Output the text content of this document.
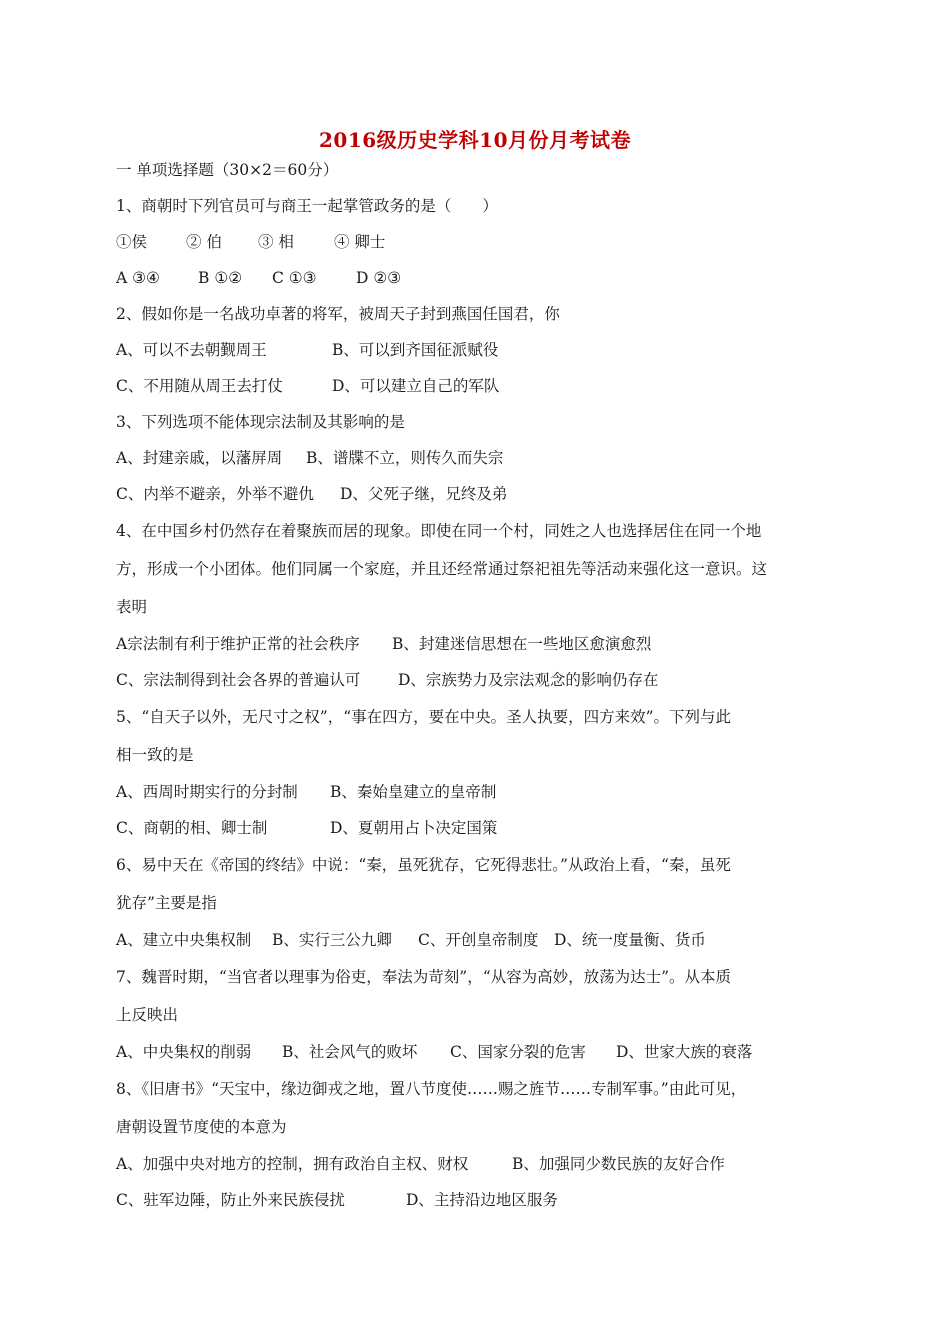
2016级历史学科10月份月考试卷
一 单项选择题（30×2＝60分）
1、商朝时下列官员可与商王一起掌管政务的是（　　）
①侯	② 伯	③ 相	④ 卿士
A ③④	B ①②	C ①③	D ②③
2、假如你是一名战功卓著的将军，被周天子封到燕国任国君，你
A、可以不去朝觐周王	B、可以到齐国征派赋役
C、不用随从周王去打仗	D、可以建立自己的军队
3、下列选项不能体现宗法制及其影响的是
A、封建亲戚，以藩屏周	B、谱牒不立，则传久而失宗
C、内举不避亲，外举不避仇	D、父死子继，兄终及弟
4、在中国乡村仍然存在着聚族而居的现象。即使在同一个村，同姓之人也选择居住在同一个地
方，形成一个小团体。他们同属一个家庭，并且还经常通过祭祀祖先等活动来强化这一意识。这
表明
A宗法制有利于维护正常的社会秩序	B、封建迷信思想在一些地区愈演愈烈
C、宗法制得到社会各界的普遍认可	D、宗族势力及宗法观念的影响仍存在
5、“自天子以外，无尺寸之权”，“事在四方，要在中央。圣人执要，四方来效”。下列与此
相一致的是
A、西周时期实行的分封制	B、秦始皇建立的皇帝制
C、商朝的相、卿士制	D、夏朝用占卜决定国策
6、易中天在《帝国的终结》中说：“秦，虽死犹存，它死得悲壮。”从政治上看，“秦，虽死
犹存”主要是指
A、建立中央集权制	B、实行三公九卿	C、开创皇帝制度	D、统一度量衡、货币
7、魏晋时期，“当官者以理事为俗吏，奉法为苛刻”，“从容为高妙，放荡为达士”。从本质
上反映出
A、中央集权的削弱	B、社会风气的败坏	C、国家分裂的危害	D、世家大族的衰落
8、《旧唐书》“天宝中，缘边御戎之地，置八节度使……赐之旌节……专制军事。”由此可见，
唐朝设置节度使的本意为
A、加强中央对地方的控制，拥有政治自主权、财权	B、加强同少数民族的友好合作
C、驻军边陲，防止外来民族侵扰	D、主持沿边地区服务
